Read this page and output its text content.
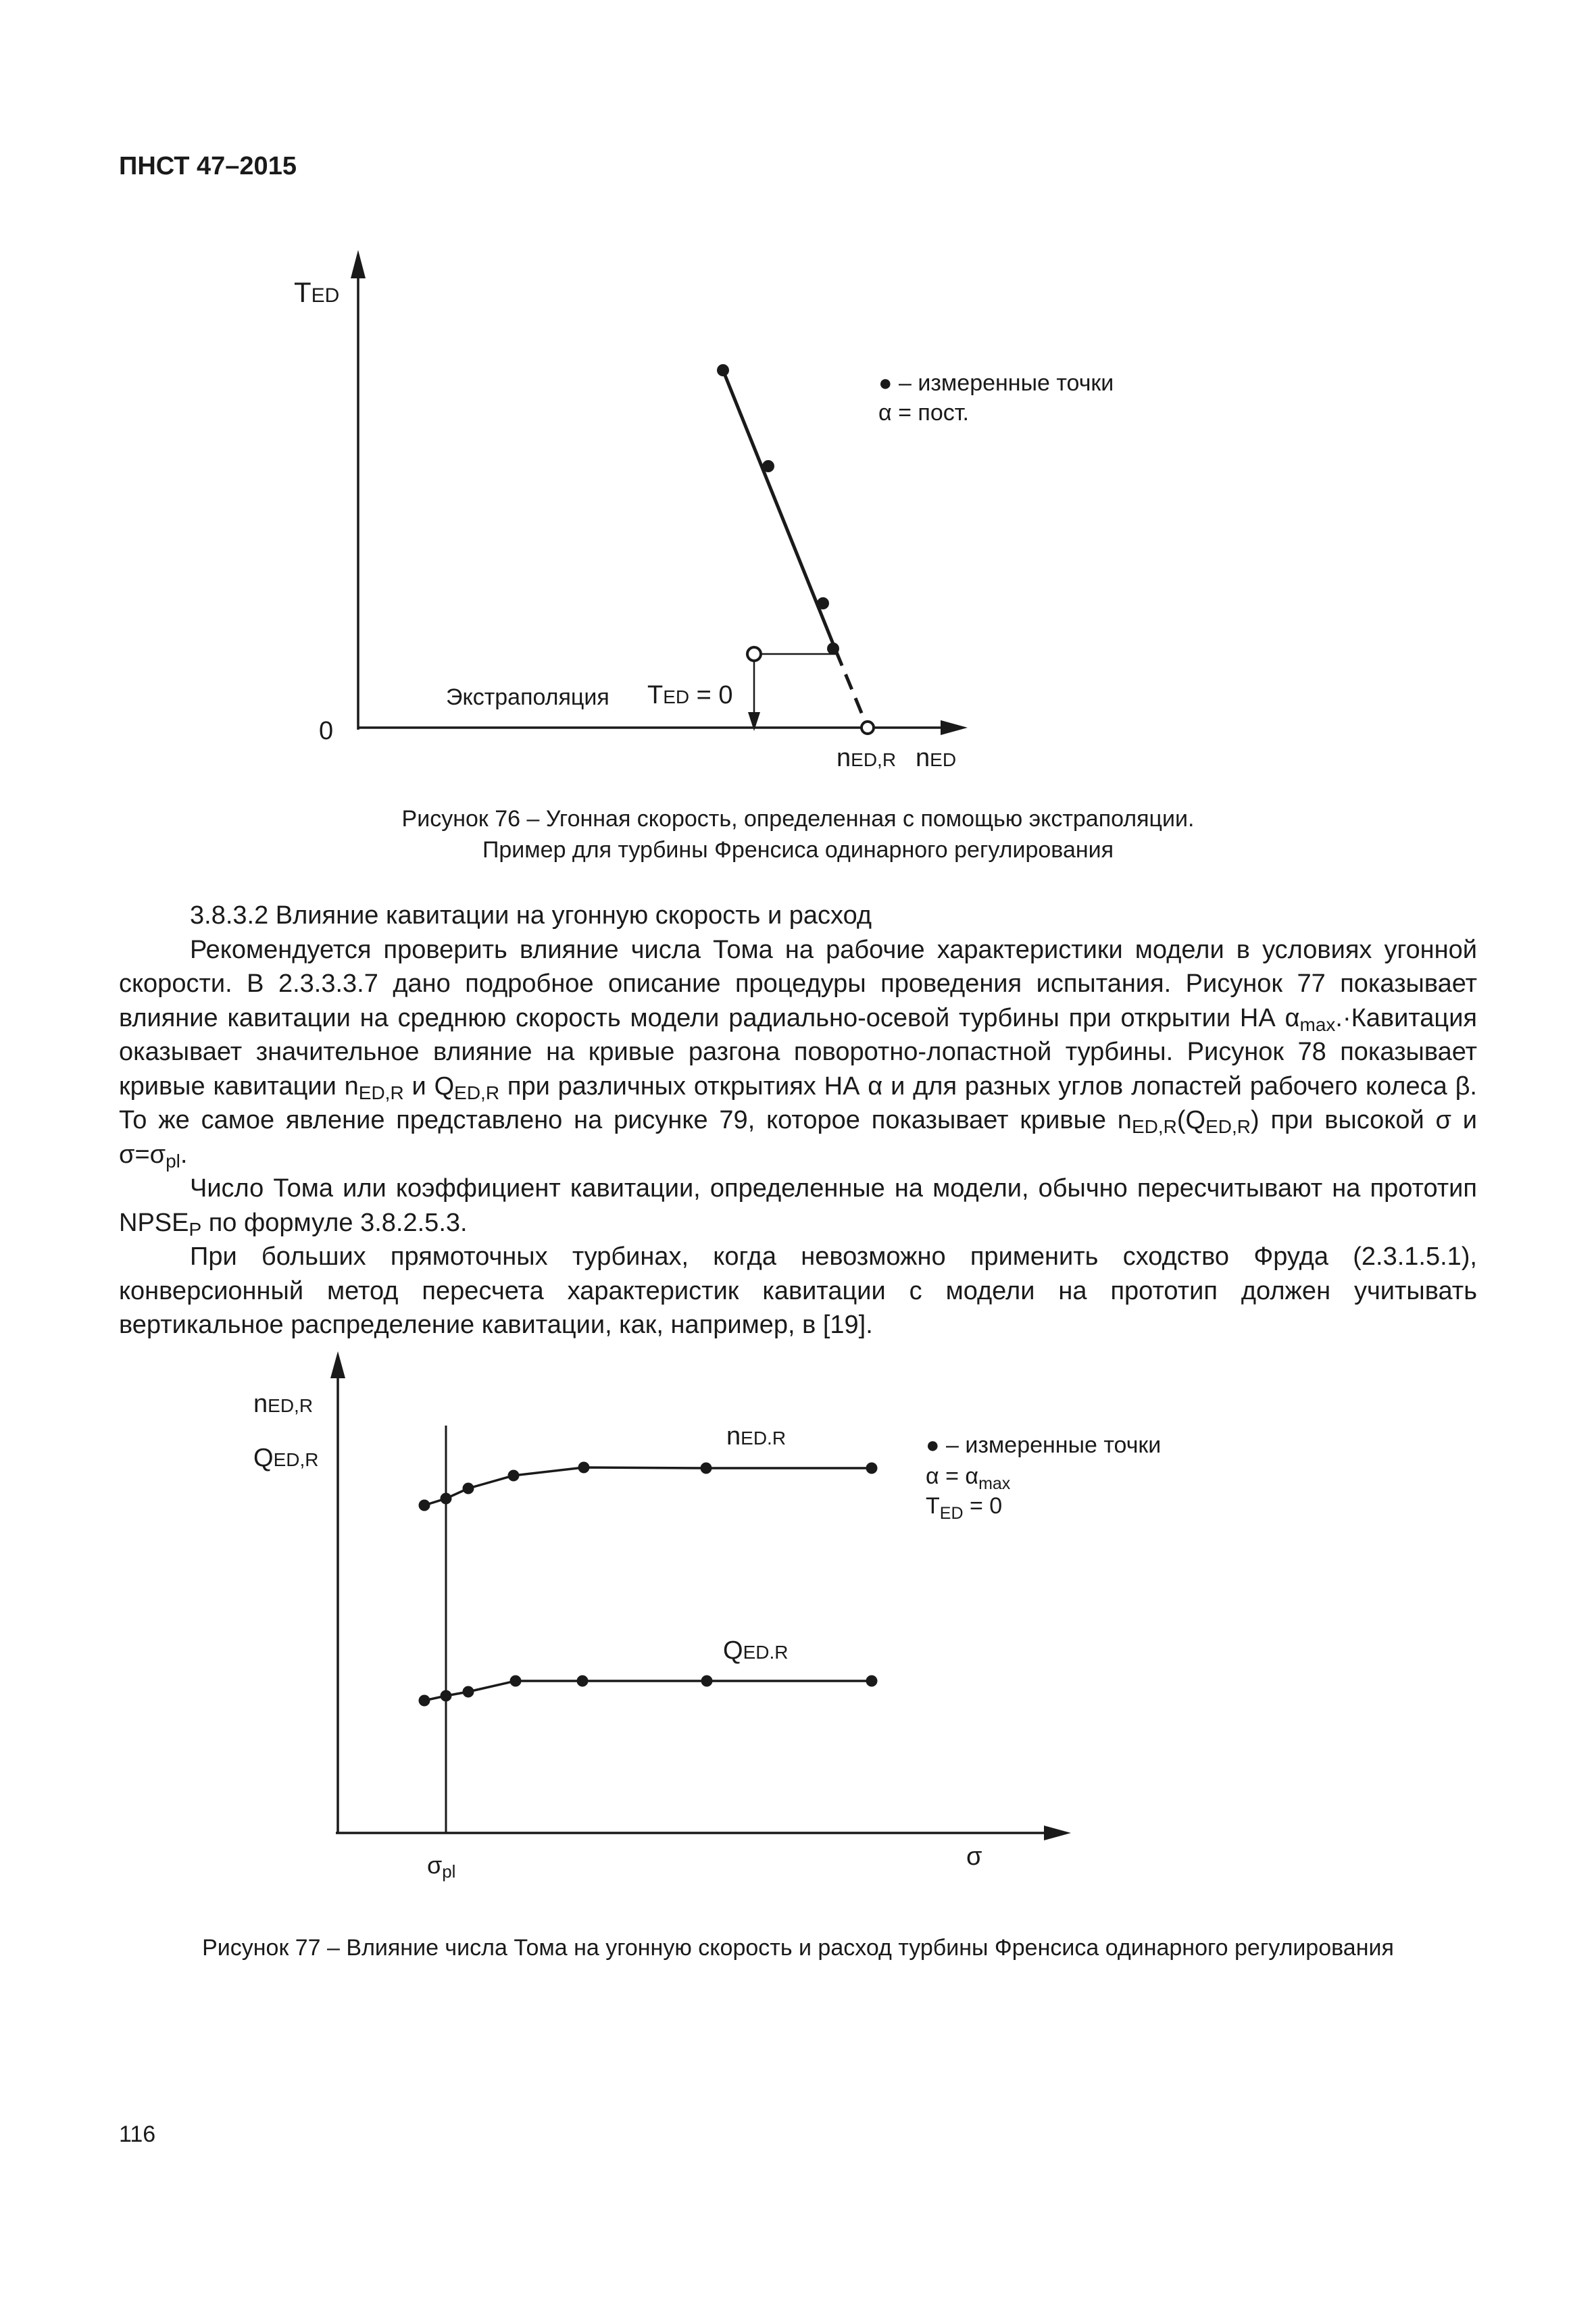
ПНСТ 47–2015
TED
0
nED,R nED
● – измеренные точки
α = пост.
Экстраполяция TED = 0
Рисунок 76 – Угонная скорость, определенная с помощью экстраполяции.
Пример для турбины Френсиса одинарного регулирования

3.8.3.2 Влияние кавитации на угонную скорость и расход

Рекомендуется проверить влияние числа Тома на рабочие характеристики модели в условиях угонной скорости. В 2.3.3.3.7 дано подробное описание процедуры проведения испытания. Рисунок 77 показывает влияние кавитации на среднюю скорость модели радиально-осевой турбины при открытии НА $\alpha_{max}.\cdot Кавитация$ оказывает значительное влияние на кривые разгона поворотно-лопастной турбины. Рисунок 78 показывает кривые кавитации $n_{ED,R}$ и $Q_{ED,R}$ при различных открытиях НА α и для разных углов лопастей рабочего колеса β. То же самое явление представлено на рисунке 79, которое показывает кривые $n_{ED,R}(Q_{ED,R})$ при высокой σ и $\sigma=\sigma_{pl}$.

Число Тома или коэффициент кавитации, определенные на модели, обычно пересчитывают на прототип $NPSE_P$ по формуле 3.8.2.5.3.

При больших прямоточных турбинах, когда невозможно применить сходство Фруда (2.3.1.5.1), конверсионный метод пересчета характеристик кавитации с модели на прототип должен учитывать вертикальное распределение кавитации, как, например, в [19].

nED,R
QED,R
nED.R
QED.R
● – измеренные точки
$\alpha = \alpha_{max}$
$T_{ED} = 0$
σpl
σ
Рисунок 77 – Влияние числа Тома на угонную скорость и расход турбины Френсиса одинарного регулирования
116
